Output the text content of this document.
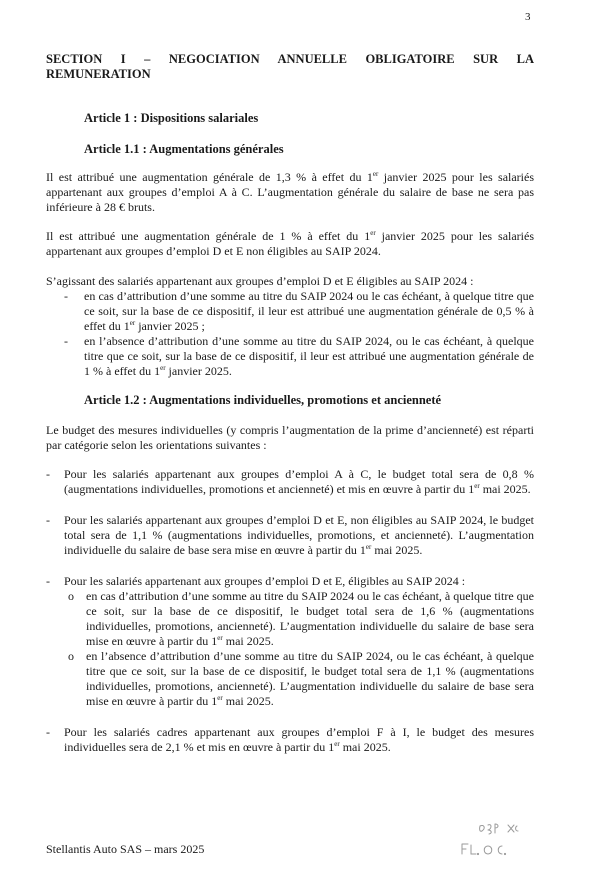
3
SECTION I – NEGOCIATION ANNUELLE OBLIGATOIRE SUR LA
REMUNERATION
Article 1 : Dispositions salariales
Article 1.1 : Augmentations générales

Il est attribué une augmentation générale de 1,3 % à effet du 1er janvier 2025 pour les salariés appartenant aux groupes d’emploi A à C. L’augmentation générale du salaire de base ne sera pas inférieure à 28 € bruts.

Il est attribué une augmentation générale de 1 % à effet du 1er janvier 2025 pour les salariés appartenant aux groupes d’emploi D et E non éligibles au SAIP 2024.

S’agissant des salariés appartenant aux groupes d’emploi D et E éligibles au SAIP 2024 :

- en cas d’attribution d’une somme au titre du SAIP 2024 ou le cas échéant, à quelque titre que ce soit, sur la base de ce dispositif, il leur est attribué une augmentation générale de 0,5 % à effet du 1er janvier 2025 ;
- en l’absence d’attribution d’une somme au titre du SAIP 2024, ou le cas échéant, à quelque titre que ce soit, sur la base de ce dispositif, il leur est attribué une augmentation générale de 1 % à effet du 1er janvier 2025.
Article 1.2 : Augmentations individuelles, promotions et ancienneté

Le budget des mesures individuelles (y compris l’augmentation de la prime d’ancienneté) est réparti par catégorie selon les orientations suivantes :

- Pour les salariés appartenant aux groupes d’emploi A à C, le budget total sera de 0,8 % (augmentations individuelles, promotions et ancienneté) et mis en œuvre à partir du 1er mai 2025.
- Pour les salariés appartenant aux groupes d’emploi D et E, non éligibles au SAIP 2024, le budget total sera de 1,1 % (augmentations individuelles, promotions, et ancienneté). L’augmentation individuelle du salaire de base sera mise en œuvre à partir du 1er mai 2025.
- Pour les salariés appartenant aux groupes d’emploi D et E, éligibles au SAIP 2024 :
o en cas d’attribution d’une somme au titre du SAIP 2024 ou le cas échéant, à quelque titre que ce soit, sur la base de ce dispositif, le budget total sera de 1,6 % (augmentations individuelles, promotions, ancienneté). L’augmentation individuelle du salaire de base sera mise en œuvre à partir du 1er mai 2025.
o en l’absence d’attribution d’une somme au titre du SAIP 2024, ou le cas échéant, à quelque titre que ce soit, sur la base de ce dispositif, le budget total sera de 1,1 % (augmentations individuelles, promotions, ancienneté). L’augmentation individuelle du salaire de base sera mise en œuvre à partir du 1er mai 2025.
- Pour les salariés cadres appartenant aux groupes d’emploi F à I, le budget des mesures individuelles sera de 2,1 % et mis en œuvre à partir du 1er mai 2025.
Stellantis Auto SAS – mars 2025
